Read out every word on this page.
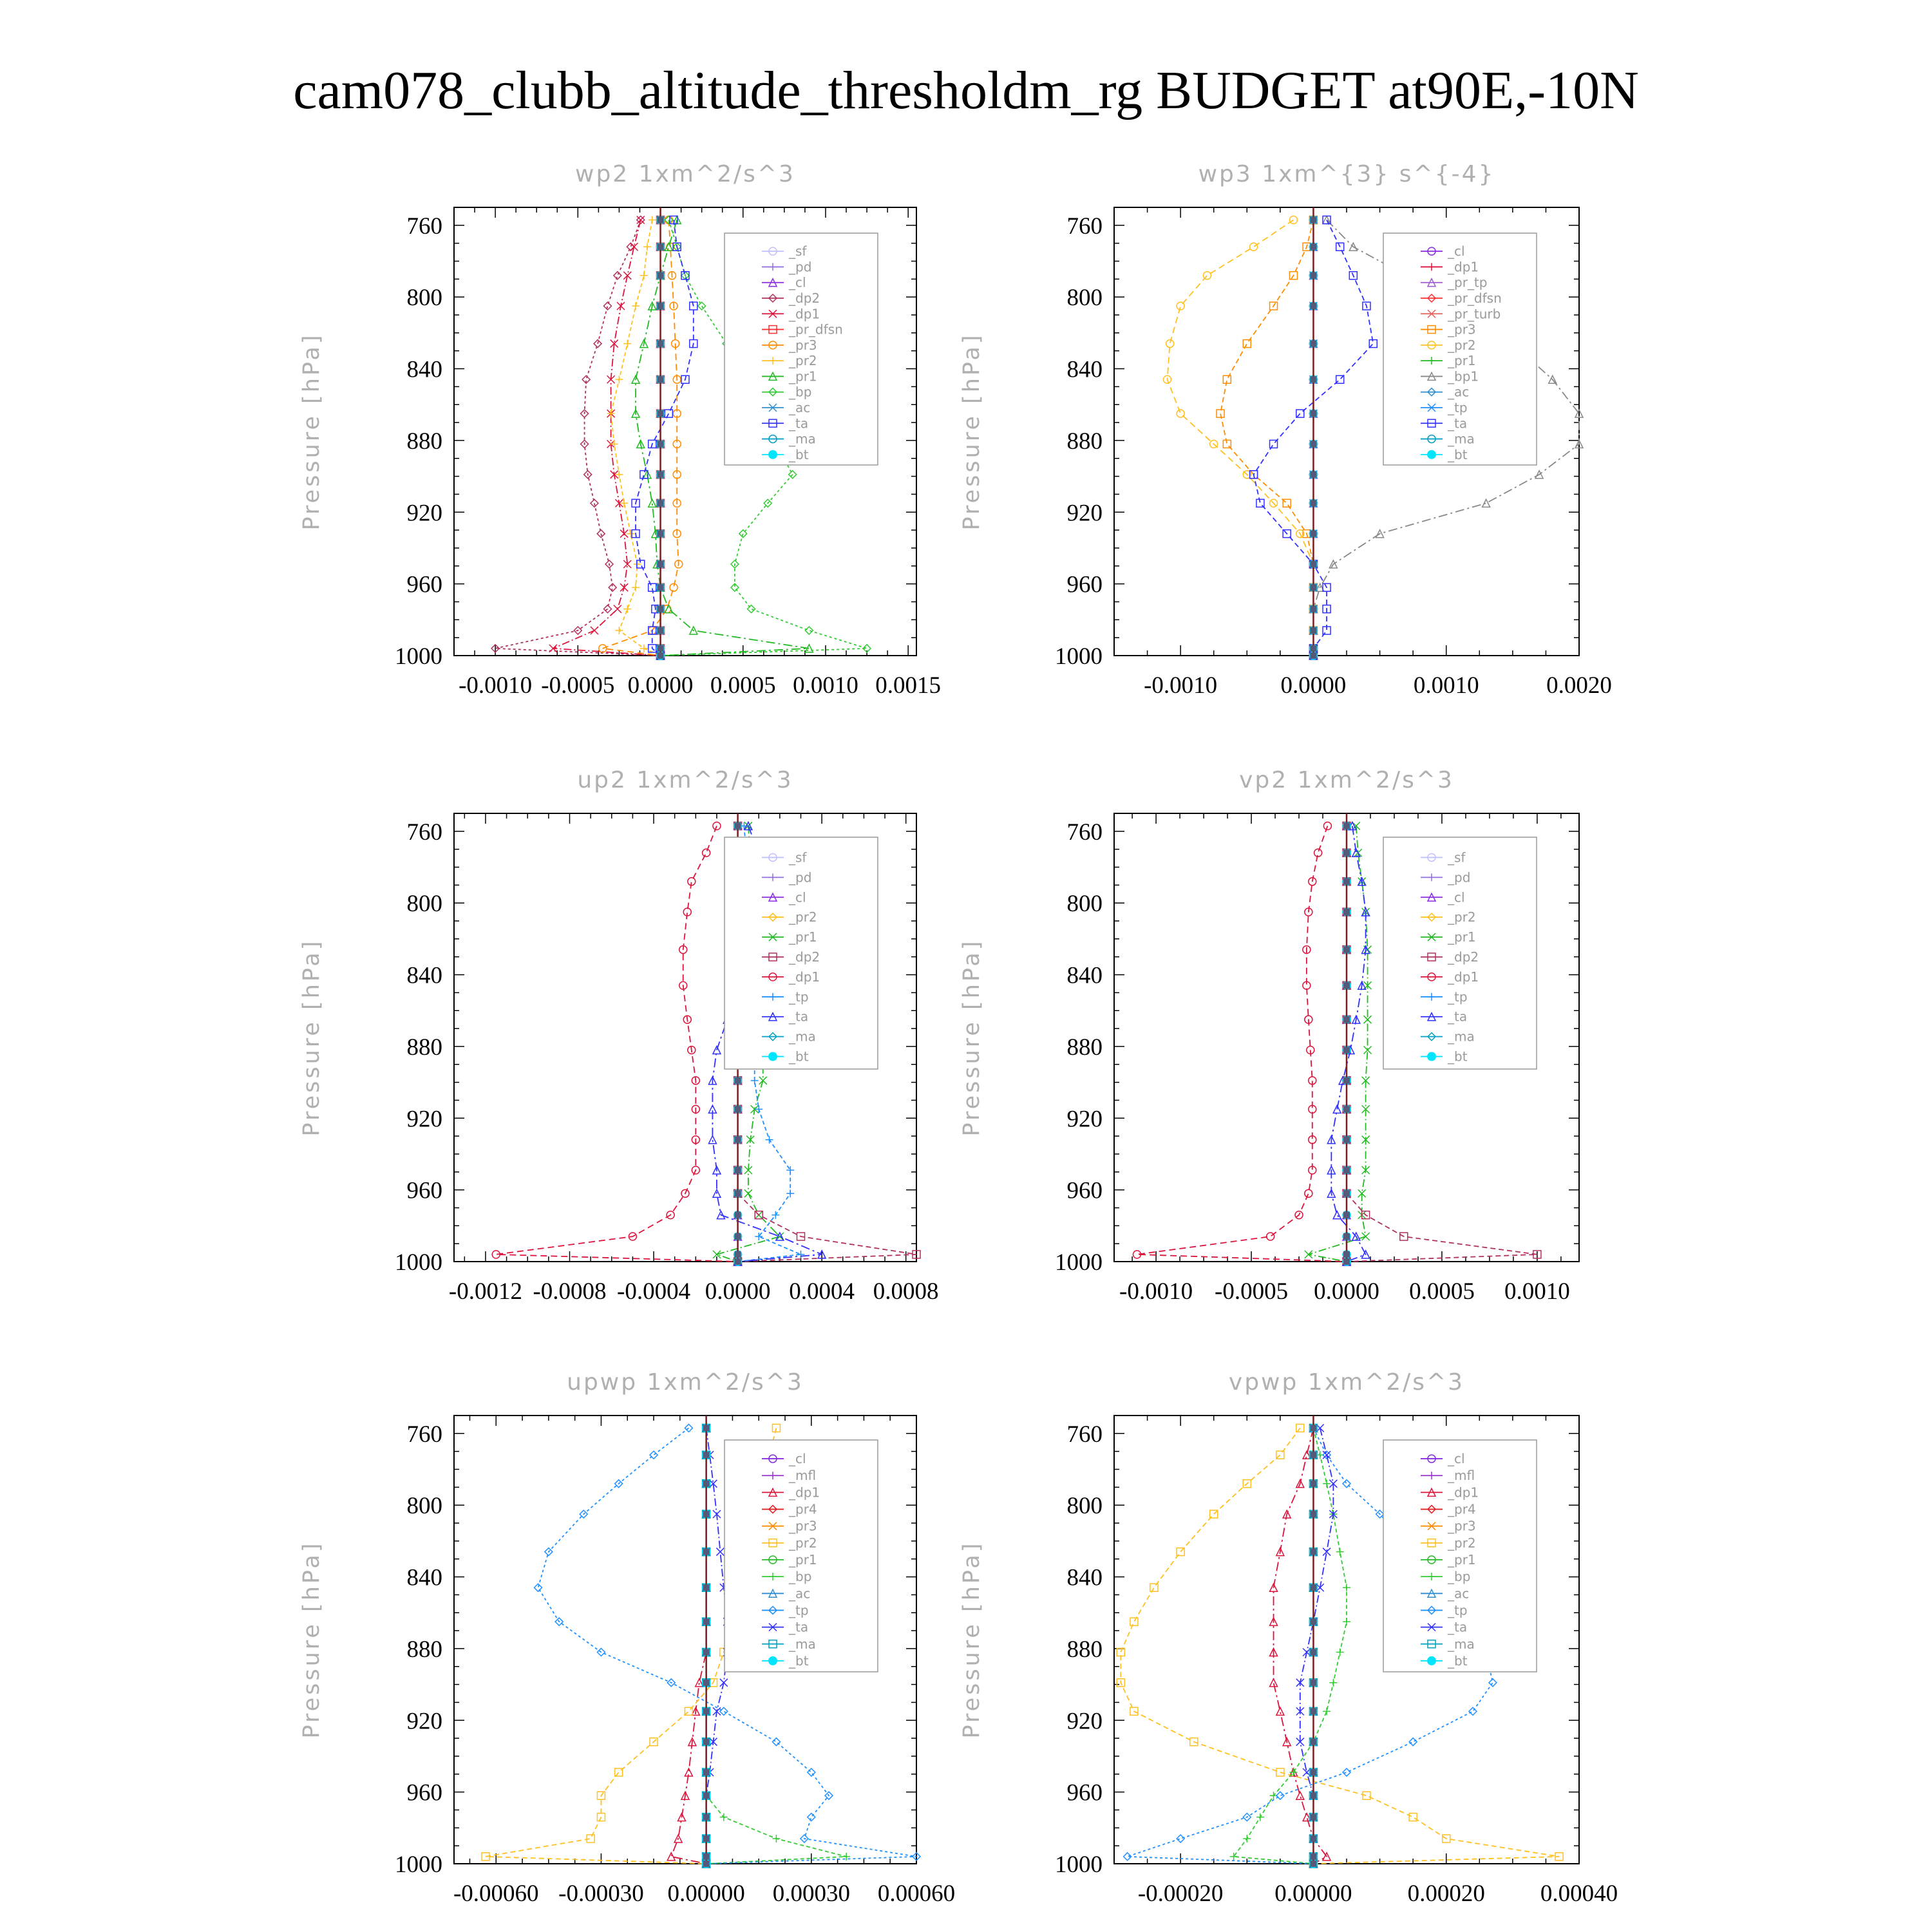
cam078_clubb_altitude_thresholdm_rg BUDGET at90E,-10N
wp2 1xm^2/s^3
Pressure [hPa]
760
800
840
880
920
960
1000
-0.0010 -0.0005 0.0000 0.0005 0.0010 0.0015
_sf
_pd
_cl
_dp2
_dp1
_pr_dfsn
_pr3
_pr2
_pr1
_bp
_ac
_ta
_ma
_bt
wp3 1xm^{3} s^{-4}
Pressure [hPa]
760
800
840
880
920
960
1000
-0.0010	0.0000	0.0010	0.0020
_cl
_dp1
_pr_tp
_pr_dfsn
_pr_turb
_pr3
_pr2
_pr1
_bp1
_ac
_tp
_ta
_ma
_bt
up2 1xm^2/s^3
Pressure [hPa]
760
800
840
880
920
960
1000
-0.0012 -0.0008 -0.0004 0.0000 0.0004 0.0008
_sf
_pd
_cl
_pr2
_pr1
_dp2
_dp1
_tp
_ta
_ma
_bt
vp2 1xm^2/s^3
Pressure [hPa]
760
800
840
880
920
960
1000
-0.0010 -0.0005 0.0000 0.0005 0.0010
_sf
_pd
_cl
_pr2
_pr1
_dp2
_dp1
_tp
_ta
_ma
_bt
upwp 1xm^2/s^3
Pressure [hPa]
760
800
840
880
920
960
1000
-0.00060 -0.00030 0.00000 0.00030 0.00060
_cl
_mfl
_dp1
_pr4
_pr3
_pr2
_pr1
_bp
_ac
_tp
_ta
_ma
_bt
vpwp 1xm^2/s^3
Pressure [hPa]
760
800
840
880
920
960
1000
-0.00020 0.00000 0.00020 0.00040
_cl
_mfl
_dp1
_pr4
_pr3
_pr2
_pr1
_bp
_ac
_tp
_ta
_ma
_bt
